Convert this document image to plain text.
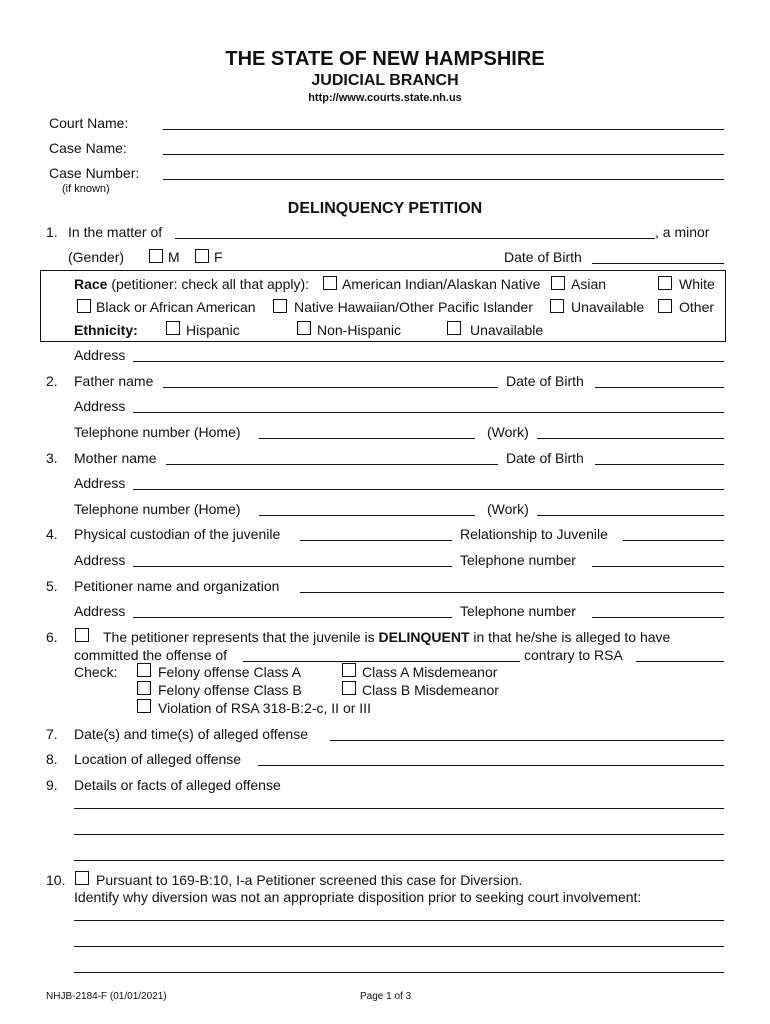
THE STATE OF NEW HAMPSHIRE
JUDICIAL BRANCH
http://www.courts.state.nh.us
Court Name:
Case Name:
Case Number:
(if known)
DELINQUENCY PETITION
1. In the matter of	, a minor
(Gender)	M F	Date of Birth
Race (petitioner: check all that apply): American Indian/Alaskan Native Asian	White
Black or African American	Native Hawaiian/Other Pacific Islander	Unavailable Other
Ethnicity:	Hispanic	Non-Hispanic	Unavailable
Address
2. Father name	Date of Birth
Address
Telephone number (Home)	(Work)
3. Mother name	Date of Birth
Address
Telephone number (Home)	(Work)
4. Physical custodian of the juvenile	Relationship to Juvenile
Address	Telephone number
5. Petitioner name and organization
Address	Telephone number
6.	The petitioner represents that the juvenile is DELINQUENT in that he/she is alleged to have
committed the offense of	contrary to RSA
Check:	Felony offense Class A	Class A Misdemeanor
Felony offense Class B	Class B Misdemeanor
Violation of RSA 318-B:2-c, II or III
7. Date(s) and time(s) of alleged offense
8. Location of alleged offense
9. Details or facts of alleged offense
10. Pursuant to 169-B:10, I-a Petitioner screened this case for Diversion.
Identify why diversion was not an appropriate disposition prior to seeking court involvement:
NHJB-2184-F (01/01/2021)	Page 1 of 3
